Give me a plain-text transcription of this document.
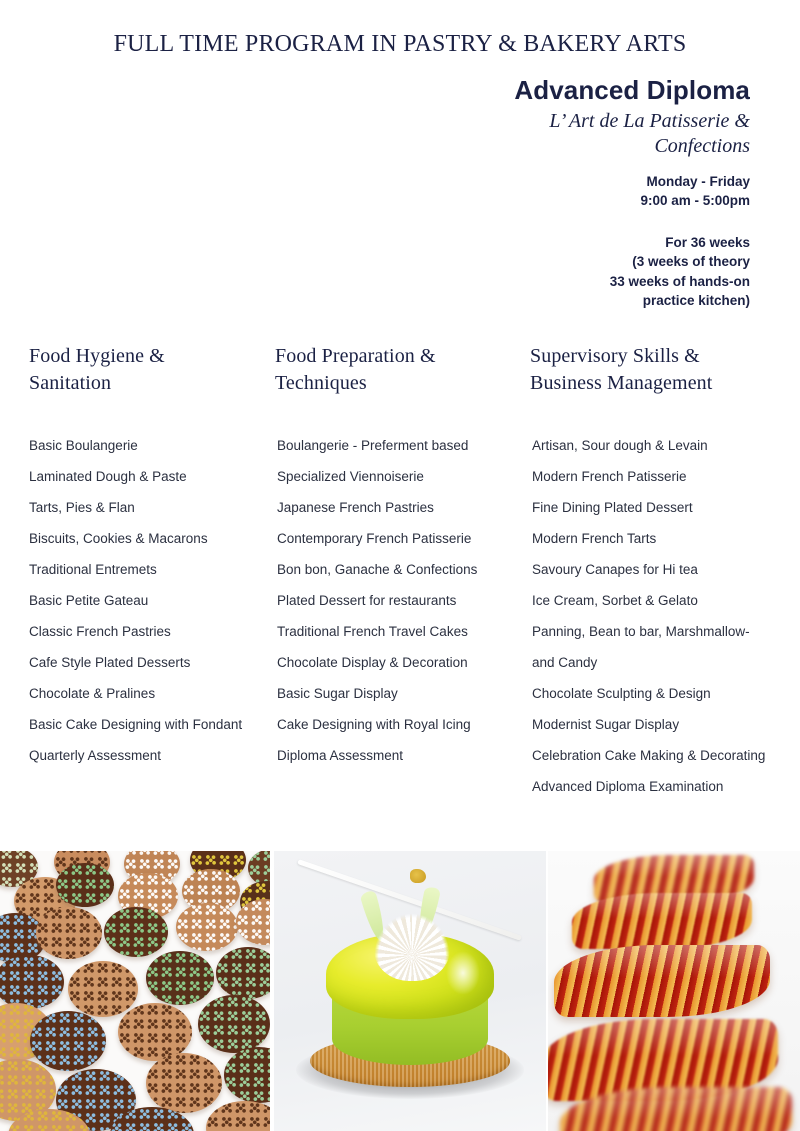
FULL TIME PROGRAM IN PASTRY & BAKERY ARTS
Advanced Diploma
L’ Art de La Patisserie &
Confections
Monday - Friday
9:00 am - 5:00pm
For 36 weeks
(3 weeks of theory
33 weeks of hands-on
practice kitchen)
Food Hygiene &
Sanitation
Basic Boulangerie
Laminated Dough & Paste
Tarts, Pies & Flan
Biscuits, Cookies & Macarons
Traditional Entremets
Basic Petite Gateau
Classic French Pastries
Cafe Style Plated Desserts
Chocolate & Pralines
Basic Cake Designing with Fondant
Quarterly Assessment
Food Preparation &
Techniques
Boulangerie - Preferment based
Specialized Viennoiserie
Japanese French Pastries
Contemporary French Patisserie
Bon bon, Ganache & Confections
Plated Dessert for restaurants
Traditional French Travel Cakes
Chocolate Display & Decoration
Basic Sugar Display
Cake Designing with Royal Icing
Diploma Assessment
Supervisory Skills &
Business Management
Artisan, Sour dough & Levain
Modern French Patisserie
Fine Dining Plated Dessert
Modern French Tarts
Savoury Canapes for Hi tea
Ice Cream, Sorbet & Gelato
Panning, Bean to bar, Marshmallow- and Candy
Chocolate Sculpting & Design
Modernist Sugar Display
Celebration Cake Making & Decorating
Advanced Diploma Examination
